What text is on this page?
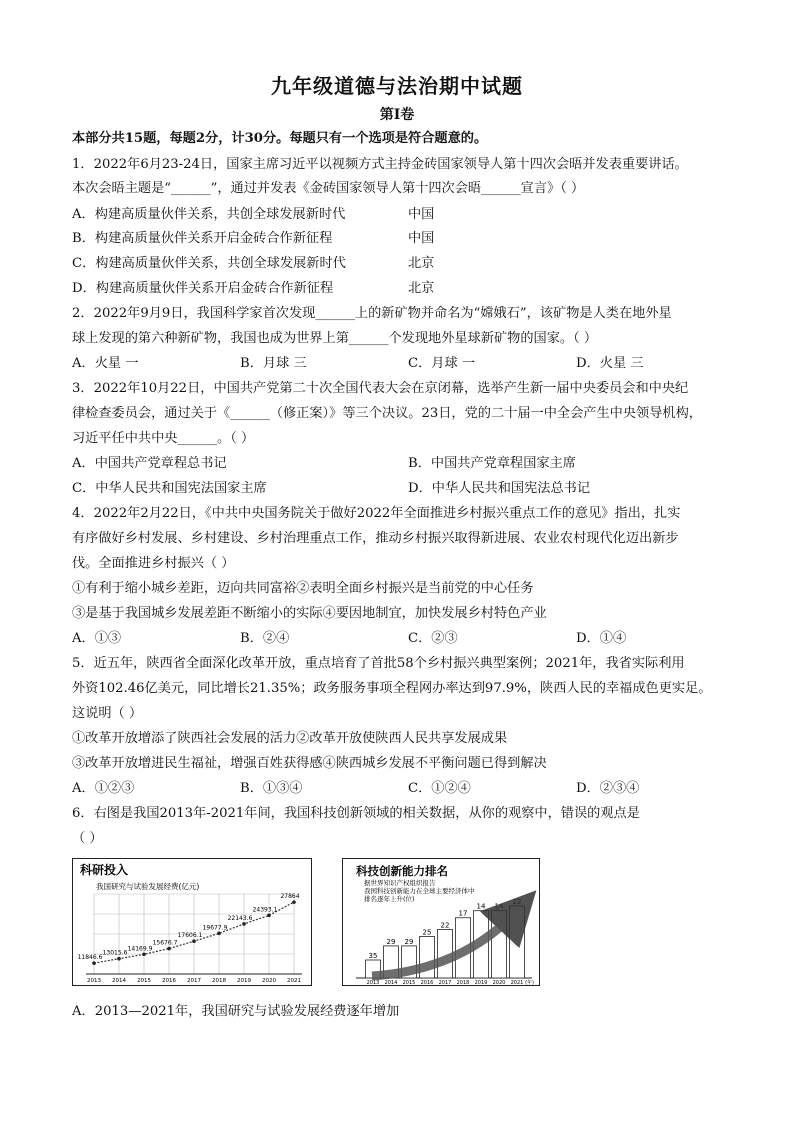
九年级道德与法治期中试题
第Ⅰ卷
本部分共15题，每题2分，计30分。每题只有一个选项是符合题意的。
1．2022年6月23-24日，国家主席习近平以视频方式主持金砖国家领导人第十四次会晤并发表重要讲话。
本次会晤主题是“______”，通过并发表《金砖国家领导人第十四次会晤______宣言》（ ）
A．构建高质量伙伴关系，共创全球发展新时代	中国
B．构建高质量伙伴关系开启金砖合作新征程	中国
C．构建高质量伙伴关系，共创全球发展新时代	北京
D．构建高质量伙伴关系开启金砖合作新征程	北京
2．2022年9月9日，我国科学家首次发现______上的新矿物并命名为“嫦娥石”，该矿物是人类在地外星
球上发现的第六种新矿物，我国也成为世界上第______个发现地外星球新矿物的国家。（ ）
A．火星 一	B．月球 三	C．月球 一	D．火星 三
3．2022年10月22日，中国共产党第二十次全国代表大会在京闭幕，选举产生新一届中央委员会和中央纪
律检查委员会，通过关于《______（修正案）》等三个决议。23日，党的二十届一中全会产生中央领导机构，
习近平任中共中央______。（ ）
A．中国共产党章程总书记	B．中国共产党章程国家主席
C．中华人民共和国宪法国家主席	D．中华人民共和国宪法总书记
4．2022年2月22日，《中共中央国务院关于做好2022年全面推进乡村振兴重点工作的意见》指出，扎实
有序做好乡村发展、乡村建设、乡村治理重点工作，推动乡村振兴取得新进展、农业农村现代化迈出新步
伐。全面推进乡村振兴（ ）
①有利于缩小城乡差距，迈向共同富裕②表明全面乡村振兴是当前党的中心任务
③是基于我国城乡发展差距不断缩小的实际④要因地制宜，加快发展乡村特色产业
A．①③	B．②④	C．②③	D．①④
5．近五年，陕西省全面深化改革开放，重点培育了首批58个乡村振兴典型案例；2021年，我省实际利用
外资102.46亿美元，同比增长21.35%；政务服务事项全程网办率达到97.9%，陕西人民的幸福成色更实足。
这说明（ ）
①改革开放增添了陕西社会发展的活力②改革开放使陕西人民共享发展成果
③改革开放增进民生福祉，增强百姓获得感④陕西城乡发展不平衡问题已得到解决
A．①②③	B．①③④	C．①②④	D．②③④
6．右图是我国2013年-2021年间，我国科技创新领域的相关数据，从你的观察中，错误的观点是
（ ）
科研投入
我国研究与试验发展经费(亿元)
11846.6
13015.6
14169.9
15676.7
17606.1
19677.9
22143.6
24393.1
27864
2013 2014 2015 2016 2017 2018 2019 2020 2021
科技创新能力排名
据世界知识产权组织报告
我国科技创新能力在全球主要经济体中
排名逐年上升(位)
35
29 29
25
22
17
14 14
12
2013 2014 2015 2016 2017 2018 2019 2020 2021 (年)
A．2013—2021年，我国研究与试验发展经费逐年增加
